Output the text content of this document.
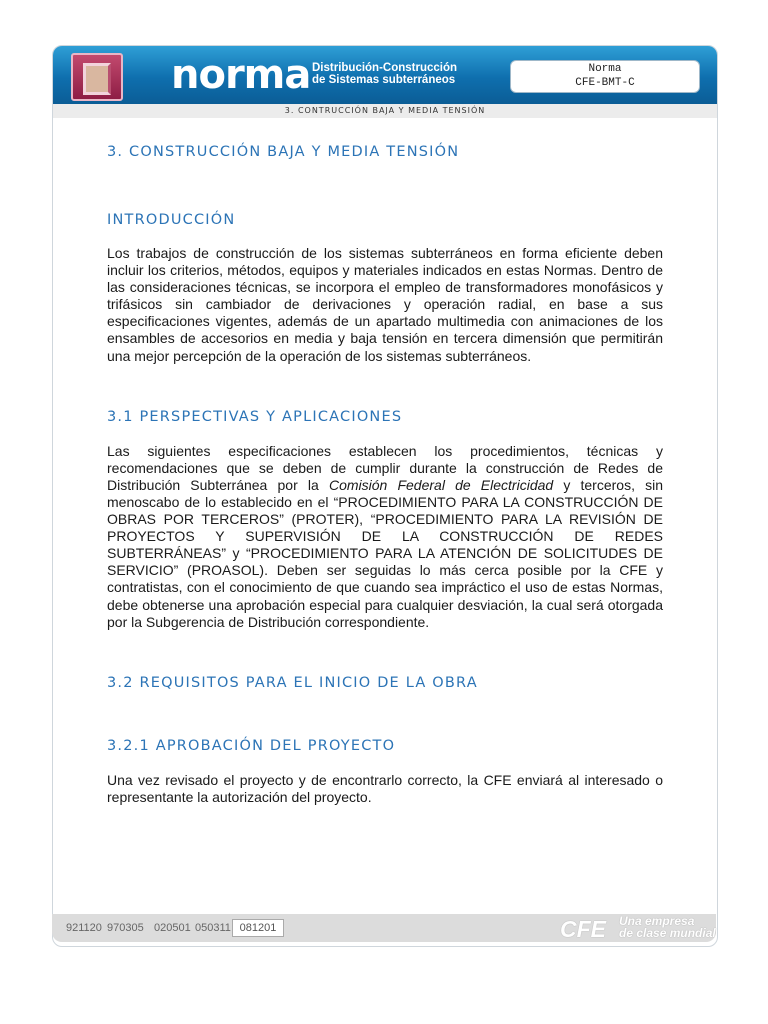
norma Distribución-Construcción
de Sistemas subterráneos
Norma
CFE-BMT-C
3. CONTRUCCIÓN BAJA Y MEDIA TENSIÓN
3. CONSTRUCCIÓN BAJA Y MEDIA TENSIÓN
INTRODUCCIÓN

Los trabajos de construcción de los sistemas subterráneos en forma eficiente deben incluir los criterios, métodos, equipos y materiales indicados en estas Normas. Dentro de las consideraciones técnicas, se incorpora el empleo de transformadores monofásicos y trifásicos sin cambiador de derivaciones y operación radial, en base a sus especificaciones vigentes, además de un apartado multimedia con animaciones de los ensambles de accesorios en media y baja tensión en tercera dimensión que permitirán una mejor percepción de la operación de los sistemas subterráneos.

3.1 PERSPECTIVAS Y APLICACIONES

Las siguientes especificaciones establecen los procedimientos, técnicas y recomendaciones que se deben de cumplir durante la construcción de Redes de Distribución Subterránea por la Comisión Federal de Electricidad y terceros, sin menoscabo de lo establecido en el “PROCEDIMIENTO PARA LA CONSTRUCCIÓN DE OBRAS POR TERCEROS” (PROTER), “PROCEDIMIENTO PARA LA REVISIÓN DE PROYECTOS Y SUPERVISIÓN DE LA CONSTRUCCIÓN DE REDES SUBTERRÁNEAS” y “PROCEDIMIENTO PARA LA ATENCIÓN DE SOLICITUDES DE SERVICIO” (PROASOL). Deben ser seguidas lo más cerca posible por la CFE y contratistas, con el conocimiento de que cuando sea impráctico el uso de estas Normas, debe obtenerse una aprobación especial para cualquier desviación, la cual será otorgada por la Subgerencia de Distribución correspondiente.

3.2 REQUISITOS PARA EL INICIO DE LA OBRA
3.2.1 APROBACIÓN DEL PROYECTO

Una vez revisado el proyecto y de encontrarlo correcto, la CFE enviará al interesado o representante la autorización del proyecto.

921120 970305 020501 050311 081201	CFE Una empresa
de clase mundial
